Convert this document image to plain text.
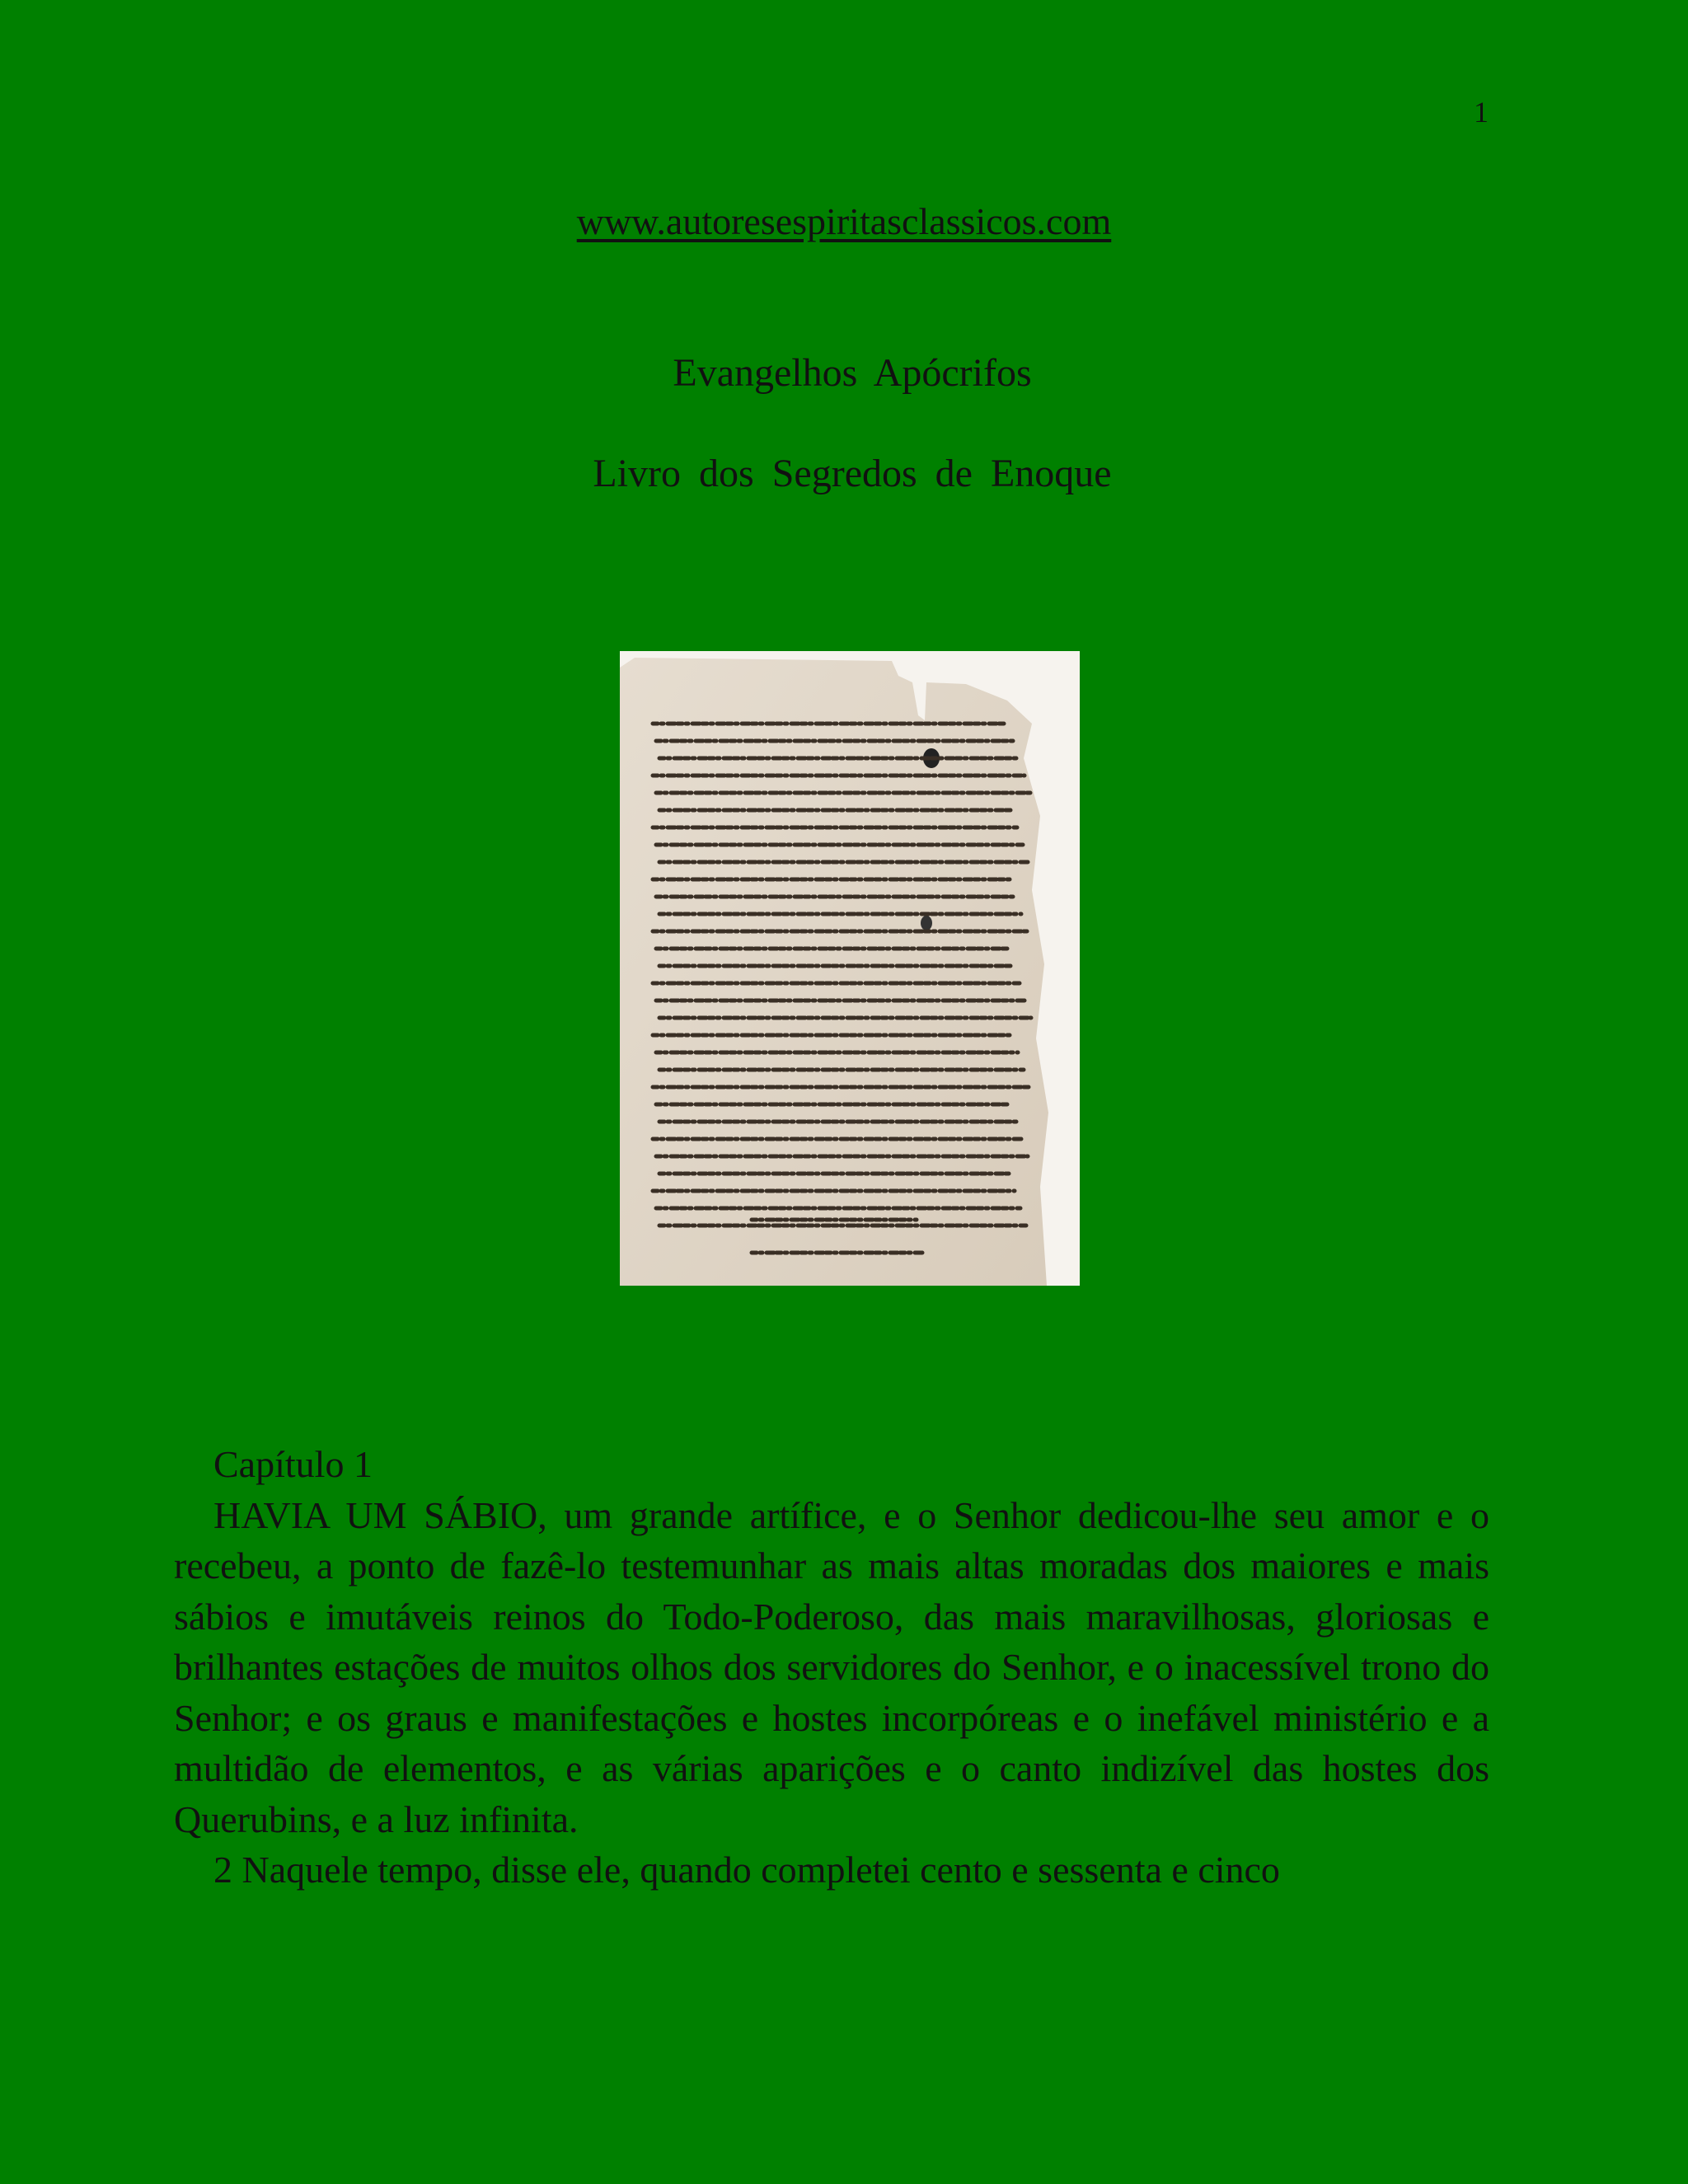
1
www.autoresespiritasclassicos.com
Evangelhos Apócrifos
Livro dos Segredos de Enoque

Capítulo 1

HAVIA UM SÁBIO, um grande artífice, e o Senhor dedicou-lhe seu amor e o recebeu, a ponto de fazê-lo testemunhar as mais altas moradas dos maiores e mais sábios e imutáveis reinos do Todo-Poderoso, das mais maravilhosas, gloriosas e brilhantes estações de muitos olhos dos servidores do Senhor, e o inacessível trono do Senhor; e os graus e manifestações e hostes incorpóreas e o inefável ministério e a multidão de elementos, e as várias aparições e o canto indizível das hostes dos Querubins, e a luz infinita.

2 Naquele tempo, disse ele, quando completei cento e sessenta e cinco
